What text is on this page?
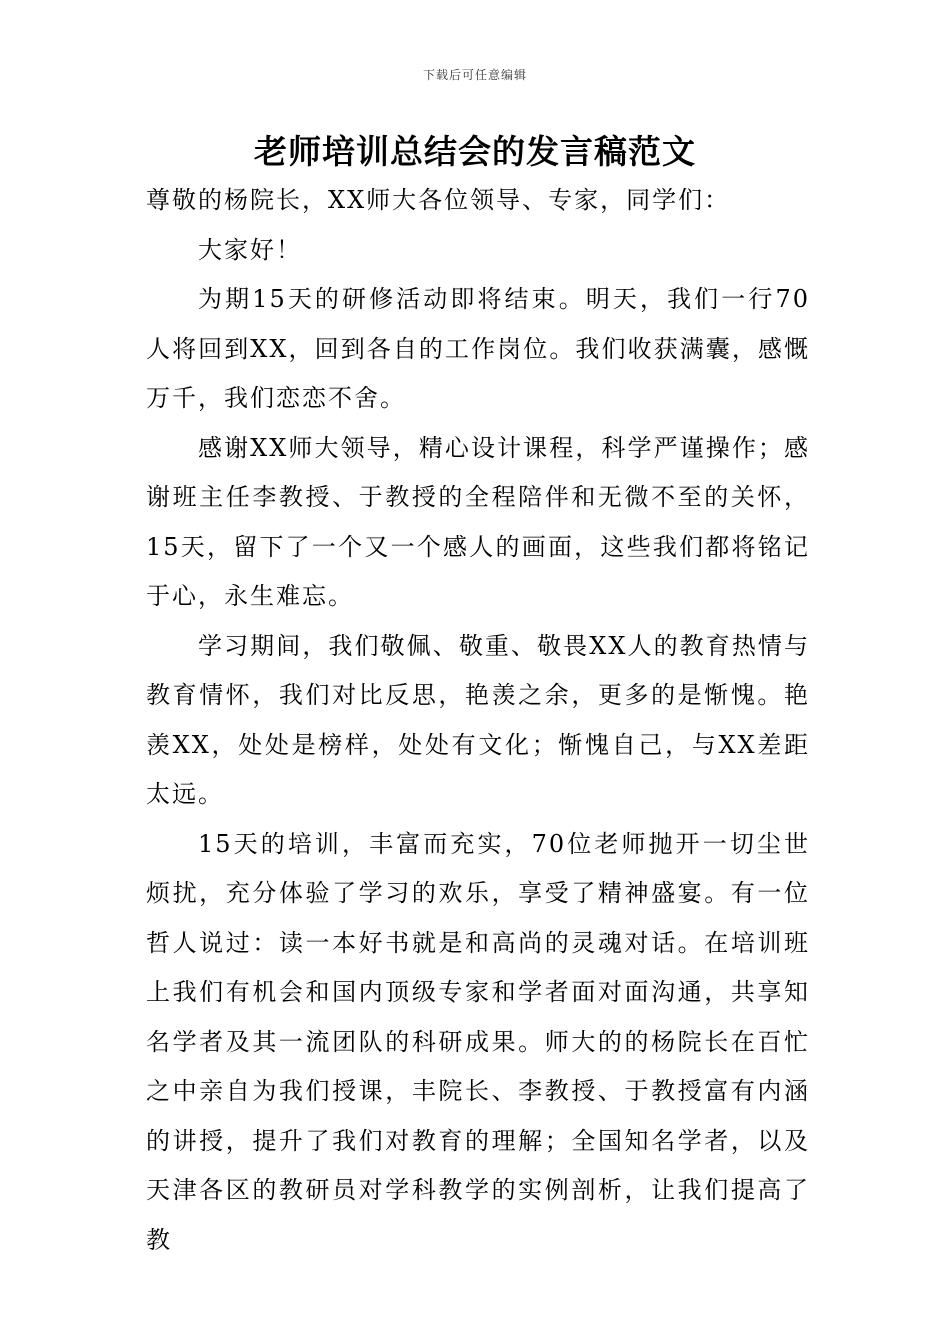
下载后可任意编辑
老师培训总结会的发言稿范文

尊敬的杨院长，XX师大各位领导、专家，同学们：

大家好！

为期15天的研修活动即将结束。明天，我们一行70人将回到XX，回到各自的工作岗位。我们收获满囊，感慨万千，我们恋恋不舍。

感谢XX师大领导，精心设计课程，科学严谨操作；感谢班主任李教授、于教授的全程陪伴和无微不至的关怀，15天，留下了一个又一个感人的画面，这些我们都将铭记于心，永生难忘。

学习期间，我们敬佩、敬重、敬畏XX人的教育热情与教育情怀，我们对比反思，艳羡之余，更多的是惭愧。艳羡XX，处处是榜样，处处有文化；惭愧自己，与XX差距太远。

15天的培训，丰富而充实，70位老师抛开一切尘世烦扰，充分体验了学习的欢乐，享受了精神盛宴。有一位哲人说过：读一本好书就是和高尚的灵魂对话。在培训班上我们有机会和国内顶级专家和学者面对面沟通，共享知名学者及其一流团队的科研成果。师大的的杨院长在百忙之中亲自为我们授课，丰院长、李教授、于教授富有内涵的讲授，提升了我们对教育的理解；全国知名学者，以及天津各区的教研员对学科教学的实例剖析，让我们提高了教
